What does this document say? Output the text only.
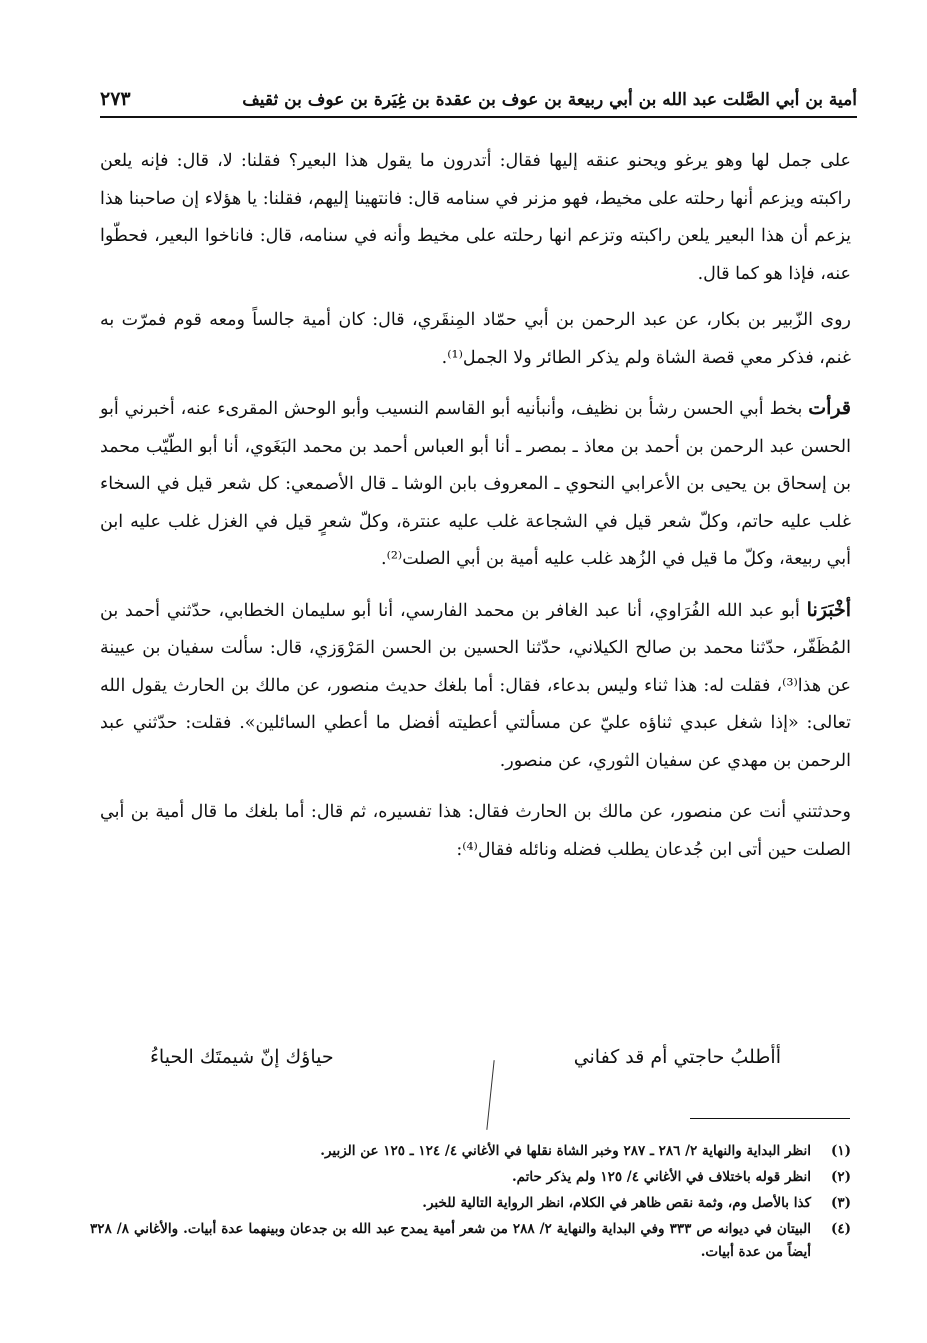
أمية بن أبي الصَّلت عبد الله بن أبي ربيعة بن عوف بن عقدة بن غِيَرة بن عوف بن ثقيف
٢٧٣

على جمل لها وهو يرغو ويحنو عنقه إليها فقال: أتدرون ما يقول هذا البعير؟ فقلنا: لا، قال: فإنه يلعن راكبته ويزعم أنها رحلته على مخيط، فهو مزنر في سنامه قال: فانتهينا إليهم، فقلنا: يا هؤلاء إن صاحبنا هذا يزعم أن هذا البعير يلعن راكبته وتزعم انها رحلته على مخيط وأنه في سنامه، قال: فاناخوا البعير، فحطّوا عنه، فإذا هو كما قال.

روى الزّبير بن بكار، عن عبد الرحمن بن أبي حمّاد المِنقَري، قال: كان أمية جالساً ومعه قوم فمرّت به غنم، فذكر معي قصة الشاة ولم يذكر الطائر ولا الجمل⁽¹⁾.

قرأت بخط أبي الحسن رشأ بن نظيف، وأنبأنيه أبو القاسم النسيب وأبو الوحش المقرىء عنه، أخبرني أبو الحسن عبد الرحمن بن أحمد بن معاذ ـ بمصر ـ أنا أبو العباس أحمد بن محمد البَغَوي، أنا أبو الطّيّب محمد بن إسحاق بن يحيى بن الأعرابي النحوي ـ المعروف بابن الوشا ـ قال الأصمعي: كل شعر قيل في السخاء غلب عليه حاتم، وكلّ شعر قيل في الشجاعة غلب عليه عنترة، وكلّ شعرٍ قيل في الغزل غلب عليه ابن أبي ربيعة، وكلّ ما قيل في الزُهد غلب عليه أمية بن أبي الصلت⁽²⁾.

أخْبَرَنا أبو عبد الله الفُرَاوي، أنا عبد الغافر بن محمد الفارسي، أنا أبو سليمان الخطابي، حدّثني أحمد بن المُظَفّر، حدّثنا محمد بن صالح الكيلاني، حدّثنا الحسين بن الحسن المَرْوَزي، قال: سألت سفيان بن عيينة عن هذا⁽³⁾، فقلت له: هذا ثناء وليس بدعاء، فقال: أما بلغك حديث منصور، عن مالك بن الحارث يقول الله تعالى: «إذا شغل عبدي ثناؤه عليّ عن مسألتي أعطيته أفضل ما أعطي السائلين». فقلت: حدّثني عبد الرحمن بن مهدي عن سفيان الثوري، عن منصور.

وحدثتني أنت عن منصور، عن مالك بن الحارث فقال: هذا تفسيره، ثم قال: أما بلغك ما قال أمية بن أبي الصلت حين أتى ابن جُدعان يطلب فضله ونائله فقال⁽⁴⁾:

أأطلبُ حاجتي أم قد كفاني
حياؤك إنّ شيمتَك الحياءُ
(١)
انظر البداية والنهاية ٢/ ٢٨٦ ـ ٢٨٧ وخبر الشاة نقلها في الأغاني ٤/ ١٢٤ ـ ١٢٥ عن الزبير.
(٢)
انظر قوله باختلاف في الأغاني ٤/ ١٢٥ ولم يذكر حاتم.
(٣)
كذا بالأصل وم، وثمة نقص ظاهر في الكلام، انظر الرواية التالية للخبر.
(٤)
البيتان في ديوانه ص ٣٣٣ وفي البداية والنهاية ٢/ ٢٨٨ من شعر أمية يمدح عبد الله بن جدعان وبينهما عدة أبيات. والأغاني ٨/ ٣٢٨ أيضاً من عدة أبيات.
